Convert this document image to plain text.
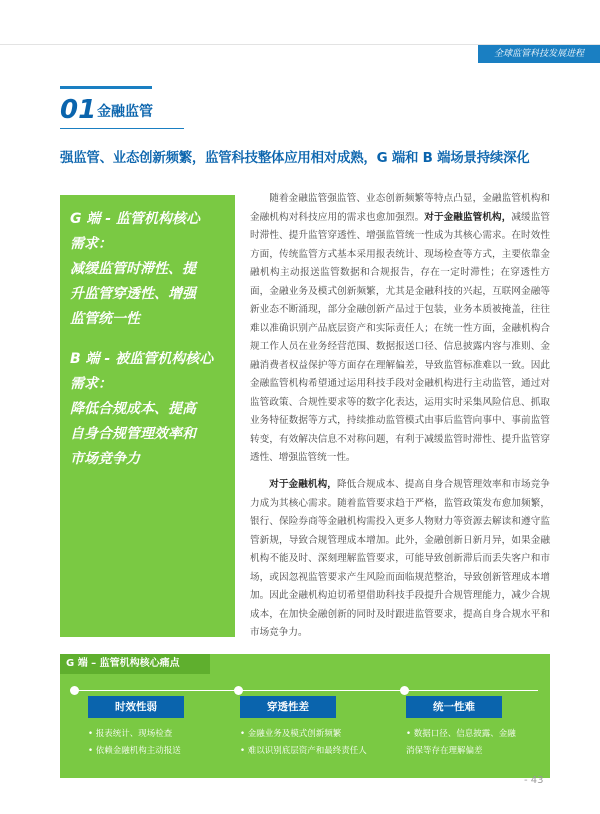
全球监管科技发展进程
01 金融监管
强监管、业态创新频繁，监管科技整体应用相对成熟，G 端和 B 端场景持续深化
G 端 - 监管机构核心
需求：
减缓监管时滞性、提
升监管穿透性、增强
监管统一性
B 端 - 被监管机构核心
需求：
降低合规成本、提高
自身合规管理效率和
市场竞争力

随着金融监管强监管、业态创新频繁等特点凸显，金融监管机构和金融机构对科技应用的需求也愈加强烈。对于金融监管机构，减缓监管时滞性、提升监管穿透性、增强监管统一性成为其核心需求。在时效性方面，传统监管方式基本采用报表统计、现场检查等方式，主要依靠金融机构主动报送监管数据和合规报告，存在一定时滞性；在穿透性方面，金融业务及模式创新频繁，尤其是金融科技的兴起，互联网金融等新业态不断涌现，部分金融创新产品过于包装，业务本质被掩盖，往往难以准确识别产品底层资产和实际责任人；在统一性方面，金融机构合规工作人员在业务经营范围、数据报送口径、信息披露内容与准则、金融消费者权益保护等方面存在理解偏差，导致监管标准难以一致。因此金融监管机构希望通过运用科技手段对金融机构进行主动监管，通过对监管政策、合规性要求等的数字化表达，运用实时采集风险信息、抓取业务特征数据等方式，持续推动监管模式由事后监管向事中、事前监管转变，有效解决信息不对称问题，有利于减缓监管时滞性、提升监管穿透性、增强监管统一性。

对于金融机构，降低合规成本、提高自身合规管理效率和市场竞争力成为其核心需求。随着监管要求趋于严格，监管政策发布愈加频繁，银行、保险券商等金融机构需投入更多人物财力等资源去解读和遵守监管新规，导致合规管理成本增加。此外，金融创新日新月异，如果金融机构不能及时、深刻理解监管要求，可能导致创新滞后而丢失客户和市场，或因忽视监管要求产生风险而面临规范整治，导致创新管理成本增加。因此金融机构迫切希望借助科技手段提升合规管理能力，减少合规成本，在加快金融创新的同时及时跟进监管要求，提高自身合规水平和市场竞争力。

G 端 – 监管机构核心痛点
时效性弱
• 报表统计、现场检查
• 依赖金融机构主动报送
穿透性差
• 金融业务及模式创新频繁
• 难以识别底层资产和最终责任人
统一性难
• 数据口径、信息披露、金融
消保等存在理解偏差
- 43
